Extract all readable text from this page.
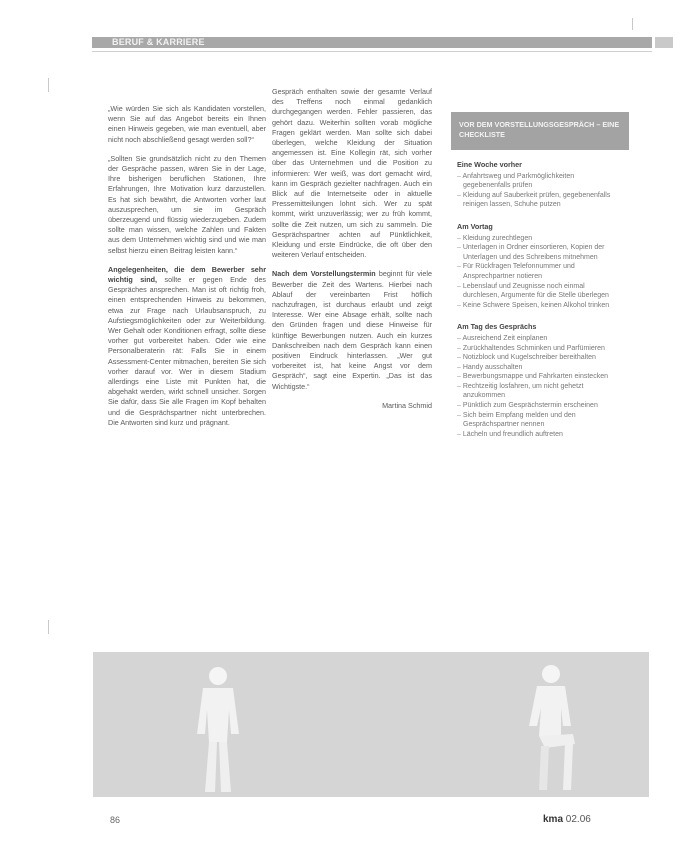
BERUF & KARRIERE

„Wie würden Sie sich als Kandidaten vorstellen, wenn Sie auf das Angebot bereits ein Ihnen einen Hinweis gegeben, wie man eventuell, aber nicht noch abschließend gesagt werden soll?“

„Sollten Sie grundsätzlich nicht zu den Themen der Gespräche passen, wären Sie in der Lage, Ihre bisherigen beruflichen Stationen, Ihre Erfahrungen, Ihre Motivation kurz darzustellen. Es hat sich bewährt, die Antworten vorher laut auszusprechen, um sie im Gespräch überzeugend und flüssig wiederzugeben. Zudem sollte man wissen, welche Zahlen und Fakten aus dem Unternehmen wichtig sind und wie man selbst hierzu einen Beitrag leisten kann.“

Angelegenheiten, die dem Bewerber sehr wichtig sind, sollte er gegen Ende des Gespräches ansprechen. Man ist oft richtig froh, einen entsprechenden Hinweis zu bekommen, etwa zur Frage nach Urlaubsanspruch, zu Aufstiegsmöglichkeiten oder zur Weiterbildung. Wer Gehalt oder Konditionen erfragt, sollte diese vorher gut vorbereitet haben. Oder wie eine Personalberaterin rät: Falls Sie in einem Assessment-Center mitmachen, bereiten Sie sich vorher darauf vor. Wer in diesem Stadium allerdings eine Liste mit Punkten hat, die abgehakt werden, wirkt schnell unsicher. Sorgen Sie dafür, dass Sie alle Fragen im Kopf behalten und die Gesprächspartner nicht unterbrechen. Die Antworten sind kurz und prägnant.

Gespräch enthalten sowie der gesamte Verlauf des Treffens noch einmal gedanklich durchgegangen werden. Fehler passieren, das gehört dazu. Weiterhin sollten vorab mögliche Fragen geklärt werden. Man sollte sich dabei überlegen, welche Kleidung der Situation angemessen ist. Eine Kollegin rät, sich vorher über das Unternehmen und die Position zu informieren: Wer weiß, was dort gemacht wird, kann im Gespräch gezielter nachfragen. Auch ein Blick auf die Internetseite oder in aktuelle Pressemitteilungen lohnt sich. Wer zu spät kommt, wirkt unzuverlässig; wer zu früh kommt, sollte die Zeit nutzen, um sich zu sammeln. Die Gesprächspartner achten auf Pünktlichkeit, Kleidung und erste Eindrücke, die oft über den weiteren Verlauf entscheiden.

Nach dem Vorstellungstermin beginnt für viele Bewerber die Zeit des Wartens. Hierbei nach Ablauf der vereinbarten Frist höflich nachzufragen, ist durchaus erlaubt und zeigt Interesse. Wer eine Absage erhält, sollte nach den Gründen fragen und diese Hinweise für künftige Bewerbungen nutzen. Auch ein kurzes Dankschreiben nach dem Gespräch kann einen positiven Eindruck hinterlassen. „Wer gut vorbereitet ist, hat keine Angst vor dem Gespräch“, sagt eine Expertin. „Das ist das Wichtigste.“

Martina Schmid

VOR DEM VORSTELLUNGSGESPRÄCH – EINE CHECKLISTE
Eine Woche vorher
– Anfahrtsweg und Parkmöglichkeiten gegebenenfalls prüfen
– Kleidung auf Sauberkeit prüfen, gegebenenfalls reinigen lassen, Schuhe putzen
Am Vortag
– Kleidung zurechtlegen
– Unterlagen in Ordner einsortieren, Kopien der Unterlagen und des Schreibens mitnehmen
– Für Rückfragen Telefonnummer und Ansprechpartner notieren
– Lebenslauf und Zeugnisse noch einmal durchlesen, Argumente für die Stelle überlegen
– Keine Schwere Speisen, keinen Alkohol trinken
Am Tag des Gesprächs
– Ausreichend Zeit einplanen
– Zurückhaltendes Schminken und Parfümieren
– Notizblock und Kugelschreiber bereithalten
– Handy ausschalten
– Bewerbungsmappe und Fahrkarten einstecken
– Rechtzeitig losfahren, um nicht gehetzt anzukommen
– Pünktlich zum Gesprächstermin erscheinen
– Sich beim Empfang melden und den Gesprächspartner nennen
– Lächeln und freundlich auftreten
86	kma 02.06
